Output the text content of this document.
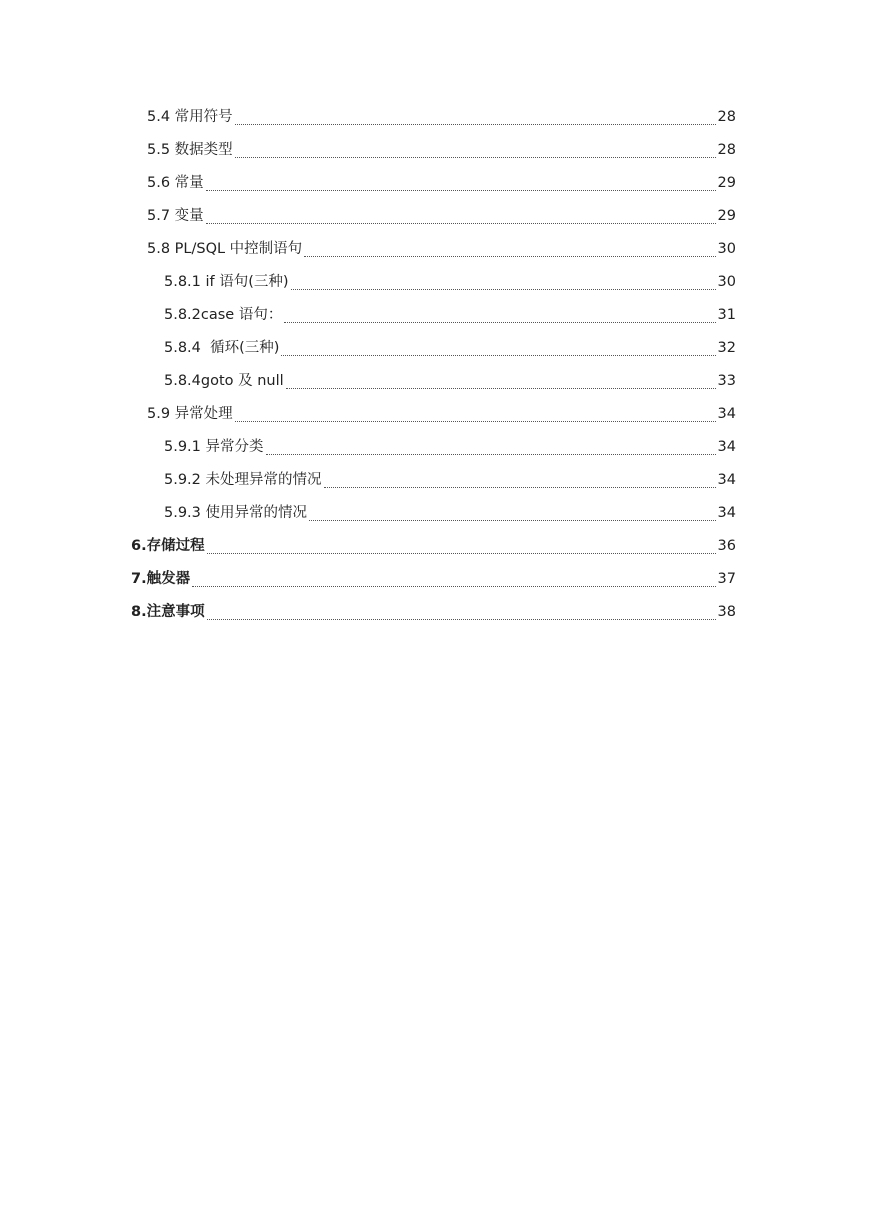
5.4 常用符号	28
5.5 数据类型	28
5.6 常量	29
5.7 变量	29
5.8 PL/SQL 中控制语句	30
5.8.1 if 语句(三种)	30
5.8.2case 语句：	31
5.8.4  循环(三种)	32
5.8.4goto 及 null	33
5.9 异常处理	34
5.9.1 异常分类	34
5.9.2 未处理异常的情况	34
5.9.3 使用异常的情况	34
6.存储过程	36
7.触发器	37
8.注意事项	38
